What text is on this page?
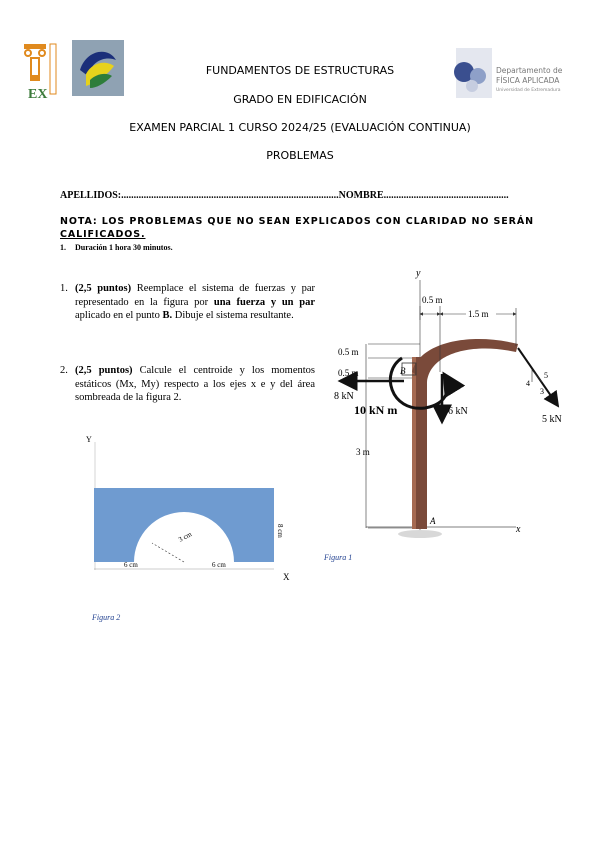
EX
Departamento de
FÍSICA APLICADA
Universidad de Extremadura
FUNDAMENTOS DE ESTRUCTURAS
GRADO EN EDIFICACIÓN
EXAMEN PARCIAL 1 CURSO 2024/25 (EVALUACIÓN CONTINUA)
PROBLEMAS
APELLIDOS:.......................................................................................NOMBRE..................................................
NOTA: LOS PROBLEMAS QUE NO SEAN EXPLICADOS CON CLARIDAD NO SERÁN
CALIFICADOS.
1. Duración 1 hora 30 minutos.
1. (2,5 puntos) Reemplace el sistema de fuerzas y par representado en la figura por una fuerza y un par aplicado en el punto B. Dibuje el sistema resultante.
2. (2,5 puntos) Calcule el centroide y los momentos estáticos (Mx, My) respecto a los ejes x e y del área sombreada de la figura 2.
y
x
B
A
0.5 m
1.5 m
0.5 m
0.5 m
3 m
8 kN
10 kN m	6 kN
4
5
3
5 kN
Figura 1
Y
3 cm
6 cm	6 cm
8 cm
X
Figura 2
